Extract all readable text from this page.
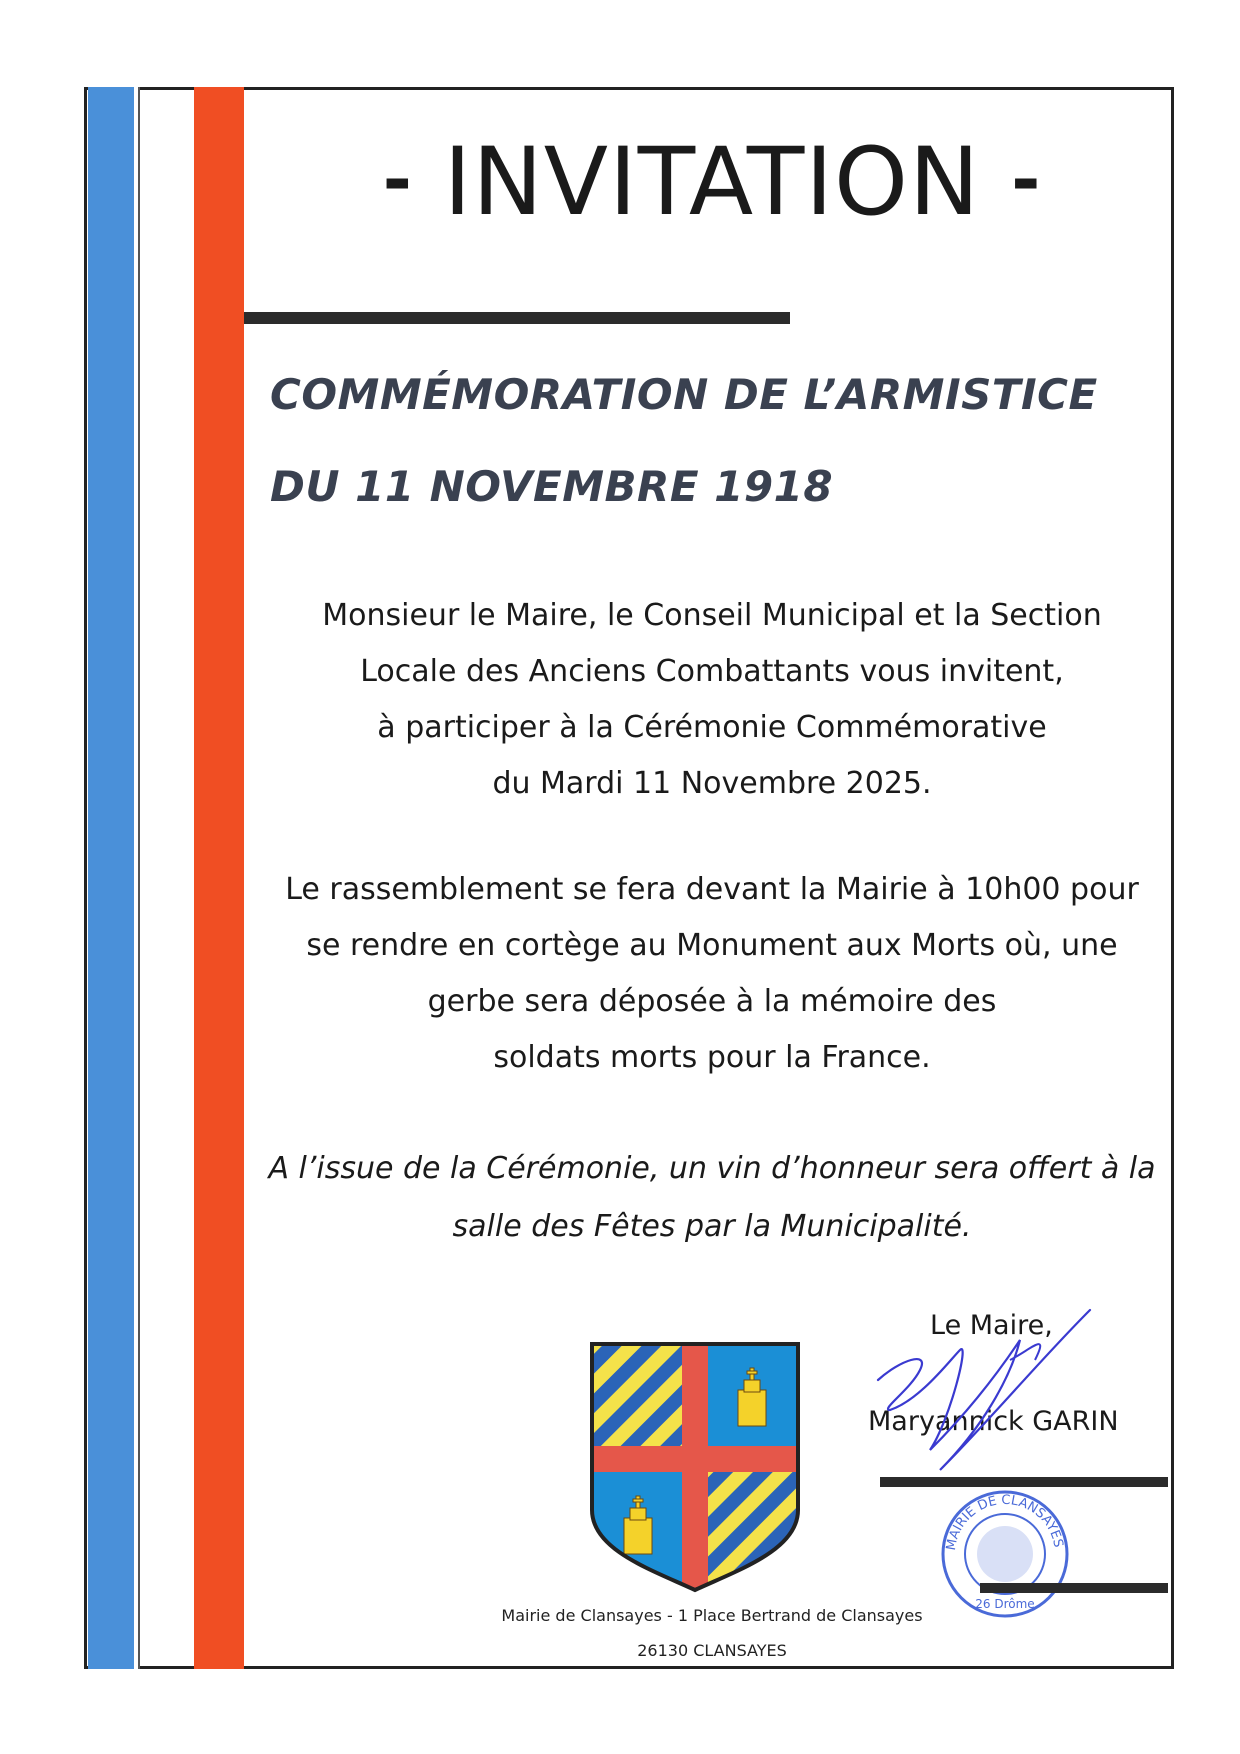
- INVITATION -
COMMÉMORATION DE L’ARMISTICE
DU 11 NOVEMBRE 1918
Monsieur le Maire, le Conseil Municipal et la Section
Locale des Anciens Combattants vous invitent,
à participer à la Cérémonie Commémorative
du Mardi 11 Novembre 2025.
Le rassemblement se fera devant la Mairie à 10h00 pour
se rendre en cortège au Monument aux Morts où, une
gerbe sera déposée à la mémoire des
soldats morts pour la France.
A l’issue de la Cérémonie, un vin d’honneur sera offert à la
salle des Fêtes par la Municipalité.
Le Maire,
Maryannick GARIN
MAIRIE DE CLANSAYES
26 Drôme
Mairie de Clansayes - 1 Place Bertrand de Clansayes
26130 CLANSAYES
